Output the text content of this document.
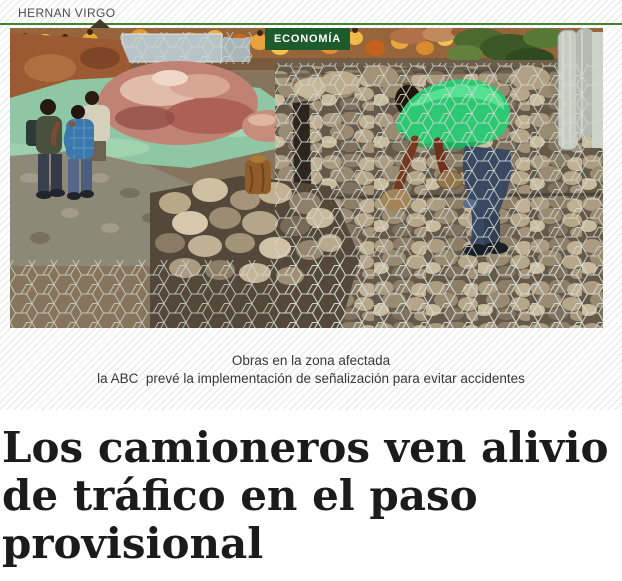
HERNAN VIRGO
ECONOMÍA
Obras en la zona afectada
la ABC  prevé la implementación de señalización para evitar accidentes
Los camioneros ven alivio
de tráfico en el paso
provisional
